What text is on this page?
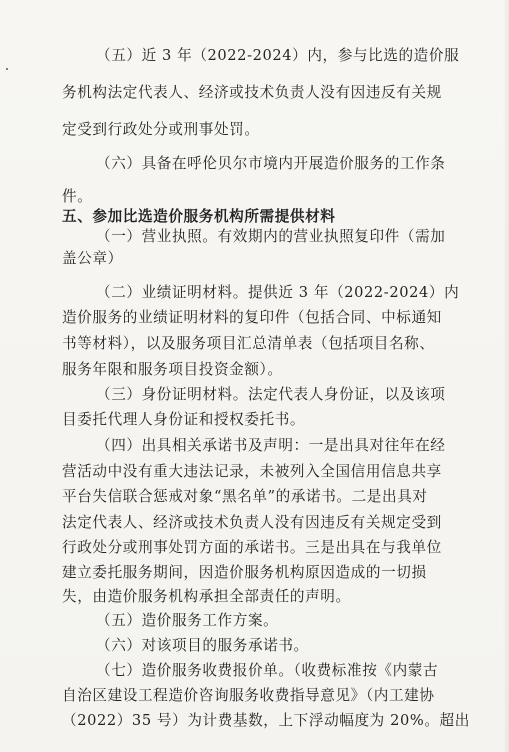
（五）近 3 年（2022-2024）内，参与比选的造价服
务机构法定代表人、经济或技术负责人没有因违反有关规
定受到行政处分或刑事处罚。
（六）具备在呼伦贝尔市境内开展造价服务的工作条
件。
五、参加比选造价服务机构所需提供材料
（一）营业执照。有效期内的营业执照复印件（需加
盖公章）
（二）业绩证明材料。提供近 3 年（2022-2024）内
造价服务的业绩证明材料的复印件（包括合同、中标通知
书等材料），以及服务项目汇总清单表（包括项目名称、
服务年限和服务项目投资金额）。
（三）身份证明材料。法定代表人身份证，以及该项
目委托代理人身份证和授权委托书。
（四）出具相关承诺书及声明：一是出具对往年在经
营活动中没有重大违法记录，未被列入全国信用信息共享
平台失信联合惩戒对象“黑名单”的承诺书。二是出具对
法定代表人、经济或技术负责人没有因违反有关规定受到
行政处分或刑事处罚方面的承诺书。三是出具在与我单位
建立委托服务期间，因造价服务机构原因造成的一切损
失，由造价服务机构承担全部责任的声明。
（五）造价服务工作方案。
（六）对该项目的服务承诺书。
（七）造价服务收费报价单。（收费标准按《内蒙古
自治区建设工程造价咨询服务收费指导意见》（内工建协
（2022）35 号）为计费基数，上下浮动幅度为 20%。超出
